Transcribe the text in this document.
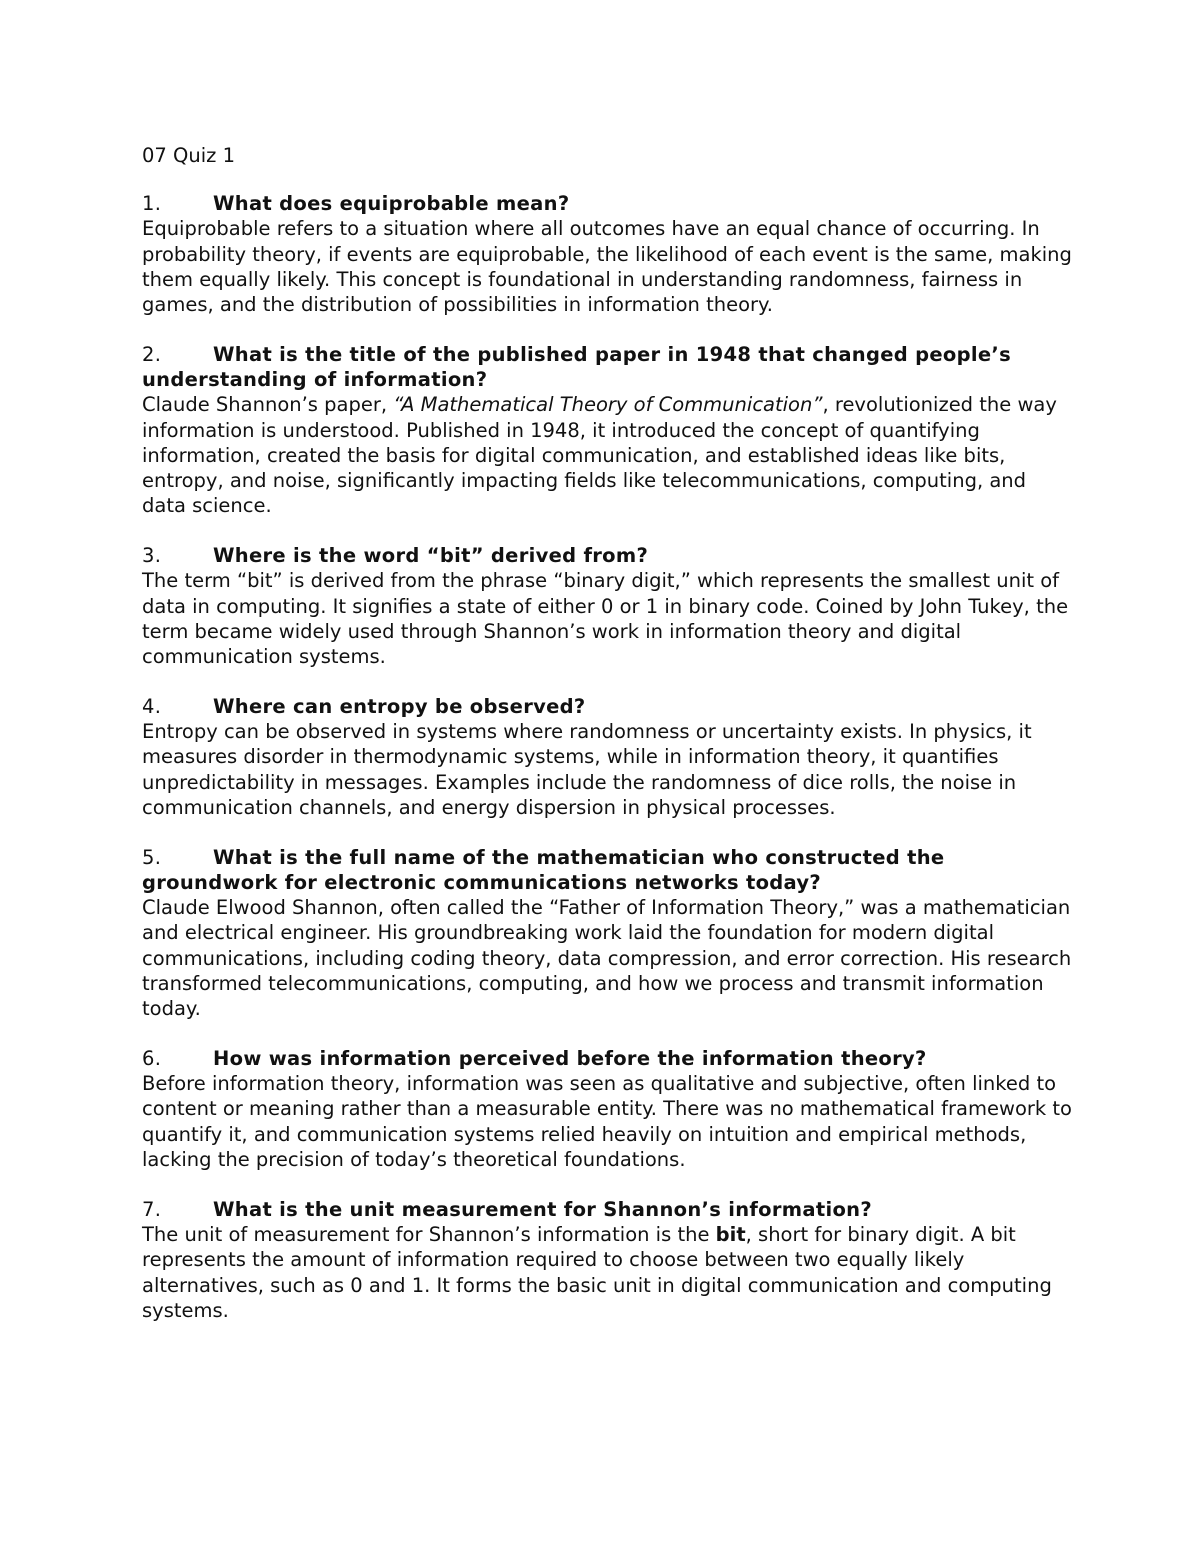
07 Quiz 1
1.	What does equiprobable mean?
Equiprobable refers to a situation where all outcomes have an equal chance of occurring. In probability theory, if events are equiprobable, the likelihood of each event is the same, making them equally likely. This concept is foundational in understanding randomness, fairness in games, and the distribution of possibilities in information theory.
2.	What is the title of the published paper in 1948 that changed people’s understanding of information?
Claude Shannon’s paper, “A Mathematical Theory of Communication”, revolutionized the way information is understood. Published in 1948, it introduced the concept of quantifying information, created the basis for digital communication, and established ideas like bits, entropy, and noise, significantly impacting fields like telecommunications, computing, and data science.
3.	Where is the word “bit” derived from?
The term “bit” is derived from the phrase “binary digit,” which represents the smallest unit of data in computing. It signifies a state of either 0 or 1 in binary code. Coined by John Tukey, the term became widely used through Shannon’s work in information theory and digital communication systems.
4.	Where can entropy be observed?
Entropy can be observed in systems where randomness or uncertainty exists. In physics, it measures disorder in thermodynamic systems, while in information theory, it quantifies unpredictability in messages. Examples include the randomness of dice rolls, the noise in communication channels, and energy dispersion in physical processes.
5.	What is the full name of the mathematician who constructed the groundwork for electronic communications networks today?
Claude Elwood Shannon, often called the “Father of Information Theory,” was a mathematician and electrical engineer. His groundbreaking work laid the foundation for modern digital communications, including coding theory, data compression, and error correction. His research transformed telecommunications, computing, and how we process and transmit information today.
6.	How was information perceived before the information theory?
Before information theory, information was seen as qualitative and subjective, often linked to content or meaning rather than a measurable entity. There was no mathematical framework to quantify it, and communication systems relied heavily on intuition and empirical methods, lacking the precision of today’s theoretical foundations.
7.	What is the unit measurement for Shannon’s information?
The unit of measurement for Shannon’s information is the bit, short for binary digit. A bit represents the amount of information required to choose between two equally likely alternatives, such as 0 and 1. It forms the basic unit in digital communication and computing systems.
